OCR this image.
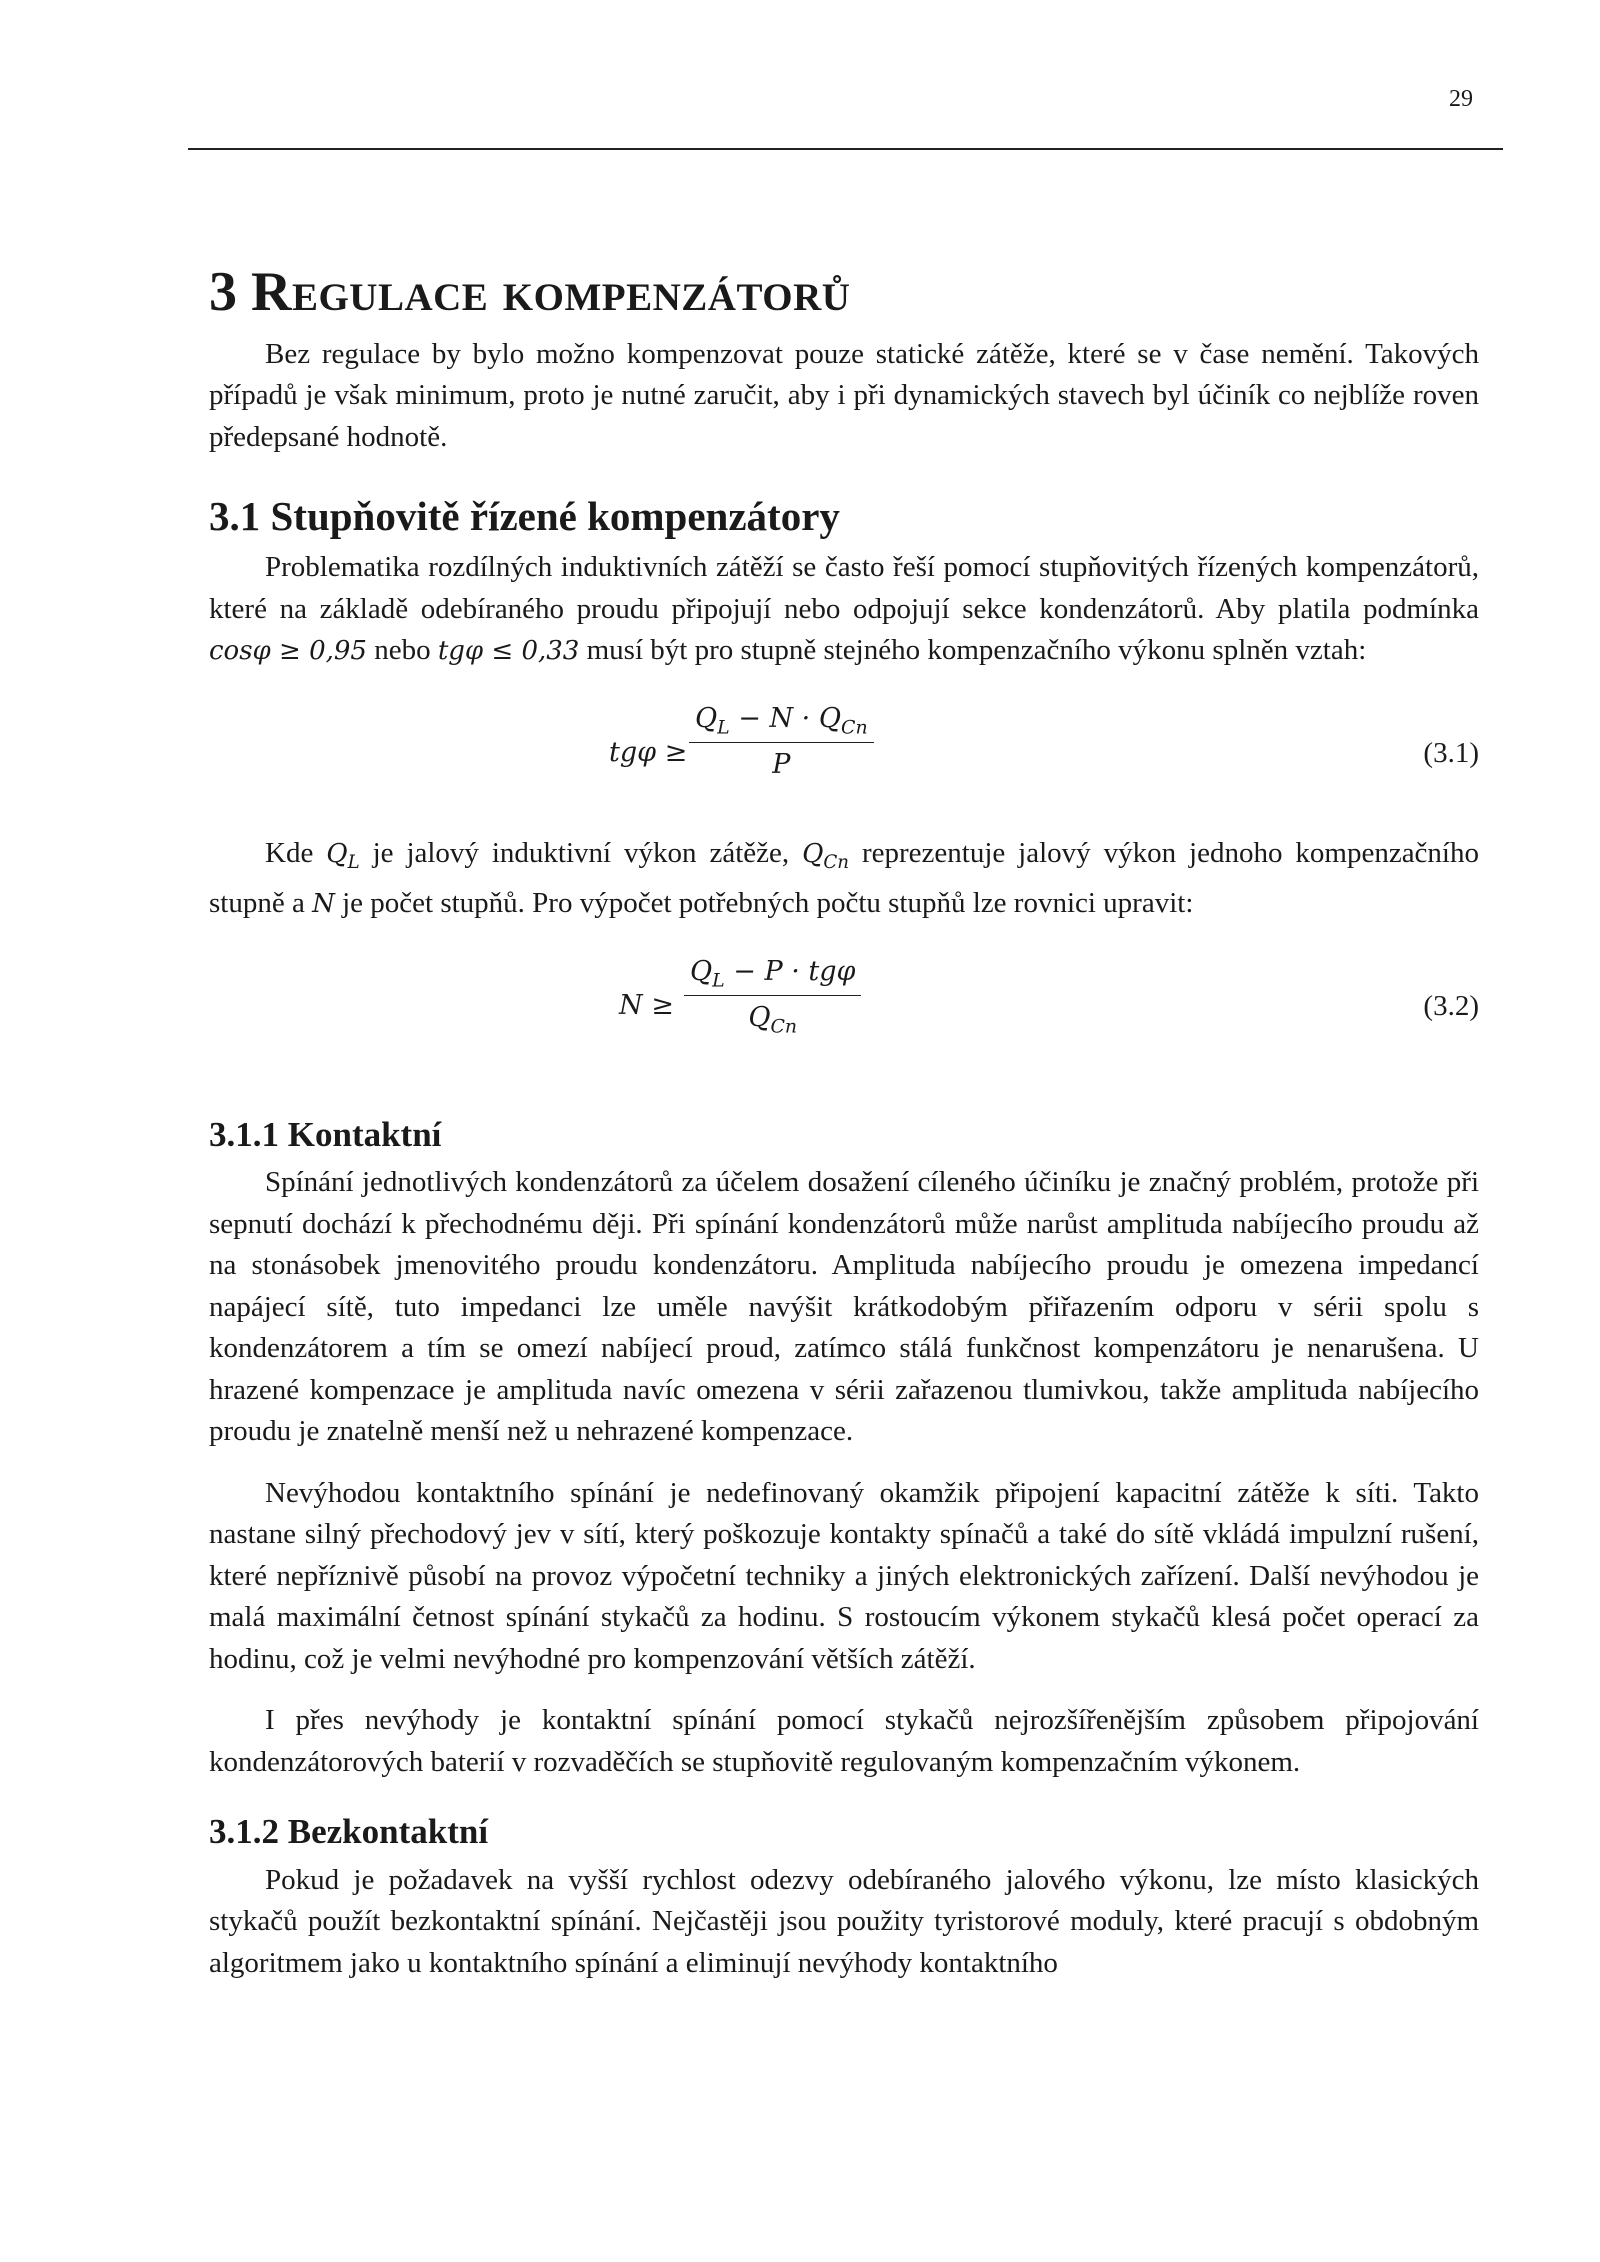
29
3 Regulace kompenzátorů

Bez regulace by bylo možno kompenzovat pouze statické zátěže, které se v čase nemění. Takových případů je však minimum, proto je nutné zaručit, aby i při dynamických stavech byl účiník co nejblíže roven předepsané hodnotě.

3.1 Stupňovitě řízené kompenzátory

Problematika rozdílných induktivních zátěží se často řeší pomocí stupňovitých řízených kompenzátorů, které na základě odebíraného proudu připojují nebo odpojují sekce kondenzátorů. Aby platila podmínka cosφ ≥ 0,95 nebo tgφ ≤ 0,33 musí být pro stupně stejného kompenzačního výkonu splněn vztah:

tgφ ≥
$Q_L - N \cdot Q_{Cn}$
P	(3.1)

Kde $Q_L$ je jalový induktivní výkon zátěže, $Q_{Cn}$ reprezentuje jalový výkon jednoho kompenzačního stupně a N je počet stupňů. Pro výpočet potřebných počtu stupňů lze rovnici upravit:

N ≥
$Q_L - P \cdot tg\varphi$
$Q_{Cn}$
(3.2)
3.1.1 Kontaktní

Spínání jednotlivých kondenzátorů za účelem dosažení cíleného účiníku je značný problém, protože při sepnutí dochází k přechodnému ději. Při spínání kondenzátorů může narůst amplituda nabíjecího proudu až na stonásobek jmenovitého proudu kondenzátoru. Amplituda nabíjecího proudu je omezena impedancí napájecí sítě, tuto impedanci lze uměle navýšit krátkodobým přiřazením odporu v sérii spolu s kondenzátorem a tím se omezí nabíjecí proud, zatímco stálá funkčnost kompenzátoru je nenarušena. U hrazené kompenzace je amplituda navíc omezena v sérii zařazenou tlumivkou, takže amplituda nabíjecího proudu je znatelně menší než u nehrazené kompenzace.

Nevýhodou kontaktního spínání je nedefinovaný okamžik připojení kapacitní zátěže k síti. Takto nastane silný přechodový jev v sítí, který poškozuje kontakty spínačů a také do sítě vkládá impulzní rušení, které nepříznivě působí na provoz výpočetní techniky a jiných elektronických zařízení. Další nevýhodou je malá maximální četnost spínání stykačů za hodinu. S rostoucím výkonem stykačů klesá počet operací za hodinu, což je velmi nevýhodné pro kompenzování větších zátěží.

I přes nevýhody je kontaktní spínání pomocí stykačů nejrozšířenějším způsobem připojování kondenzátorových baterií v rozvaděčích se stupňovitě regulovaným kompenzačním výkonem.

3.1.2 Bezkontaktní

Pokud je požadavek na vyšší rychlost odezvy odebíraného jalového výkonu, lze místo klasických stykačů použít bezkontaktní spínání. Nejčastěji jsou použity tyristorové moduly, které pracují s obdobným algoritmem jako u kontaktního spínání a eliminují nevýhody kontaktního
